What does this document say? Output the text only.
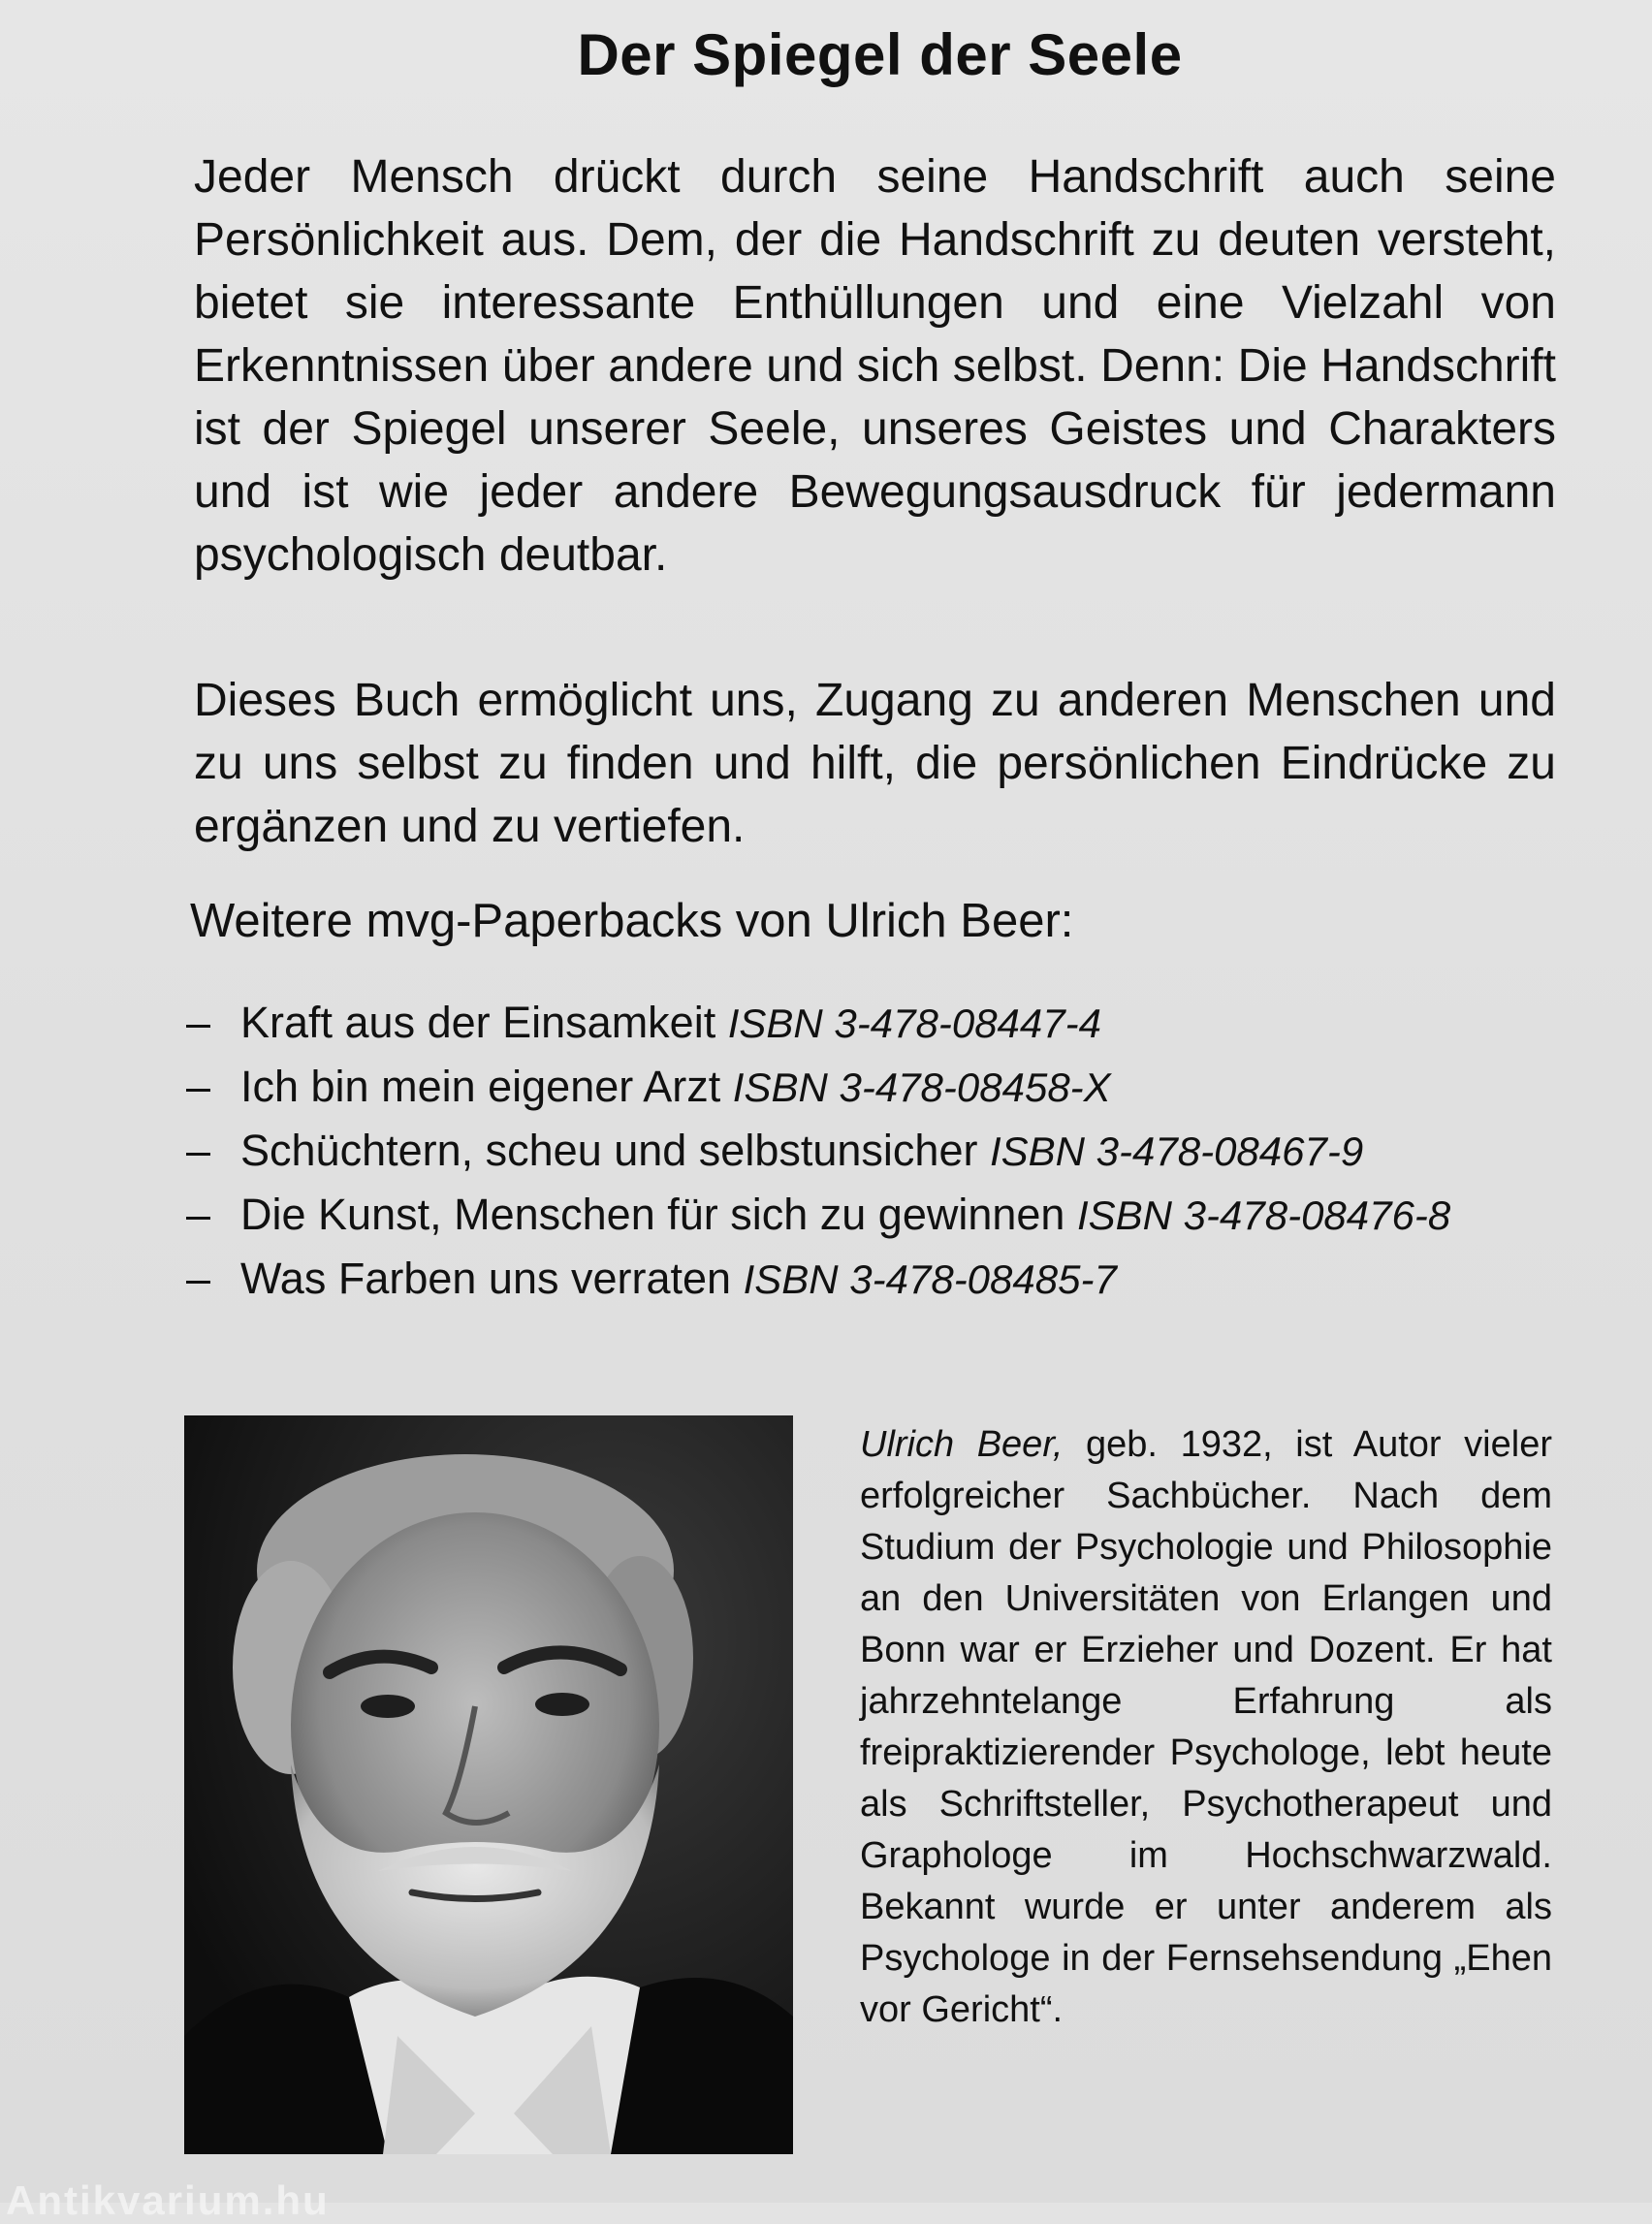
Der Spiegel der Seele

Jeder Mensch drückt durch seine Handschrift auch seine Persönlichkeit aus. Dem, der die Handschrift zu deuten versteht, bietet sie interessante Enthüllungen und eine Vielzahl von Erkenntnissen über andere und sich selbst. Denn: Die Handschrift ist der Spiegel unserer Seele, unseres Geistes und Charakters und ist wie jeder andere Bewegungsausdruck für jedermann psychologisch deutbar.

Dieses Buch ermöglicht uns, Zugang zu anderen Menschen und zu uns selbst zu finden und hilft, die persönlichen Eindrücke zu ergänzen und zu vertiefen.

Weitere mvg-Paperbacks von Ulrich Beer:

– Kraft aus der Einsamkeit ISBN 3-478-08447-4
– Ich bin mein eigener Arzt ISBN 3-478-08458-X
– Schüchtern, scheu und selbstunsicher ISBN 3-478-08467-9
– Die Kunst, Menschen für sich zu gewinnen ISBN 3-478-08476-8
– Was Farben uns verraten ISBN 3-478-08485-7

Ulrich Beer, geb. 1932, ist Autor vieler erfolgreicher Sachbücher. Nach dem Studium der Psychologie und Philosophie an den Universitäten von Erlangen und Bonn war er Erzieher und Dozent. Er hat jahrzehntelange Erfahrung als freipraktizierender Psychologe, lebt heute als Schriftsteller, Psychotherapeut und Graphologe im Hochschwarzwald. Bekannt wurde er unter anderem als Psychologe in der Fernsehsendung „Ehen vor Gericht“.

Antikvarium.hu
